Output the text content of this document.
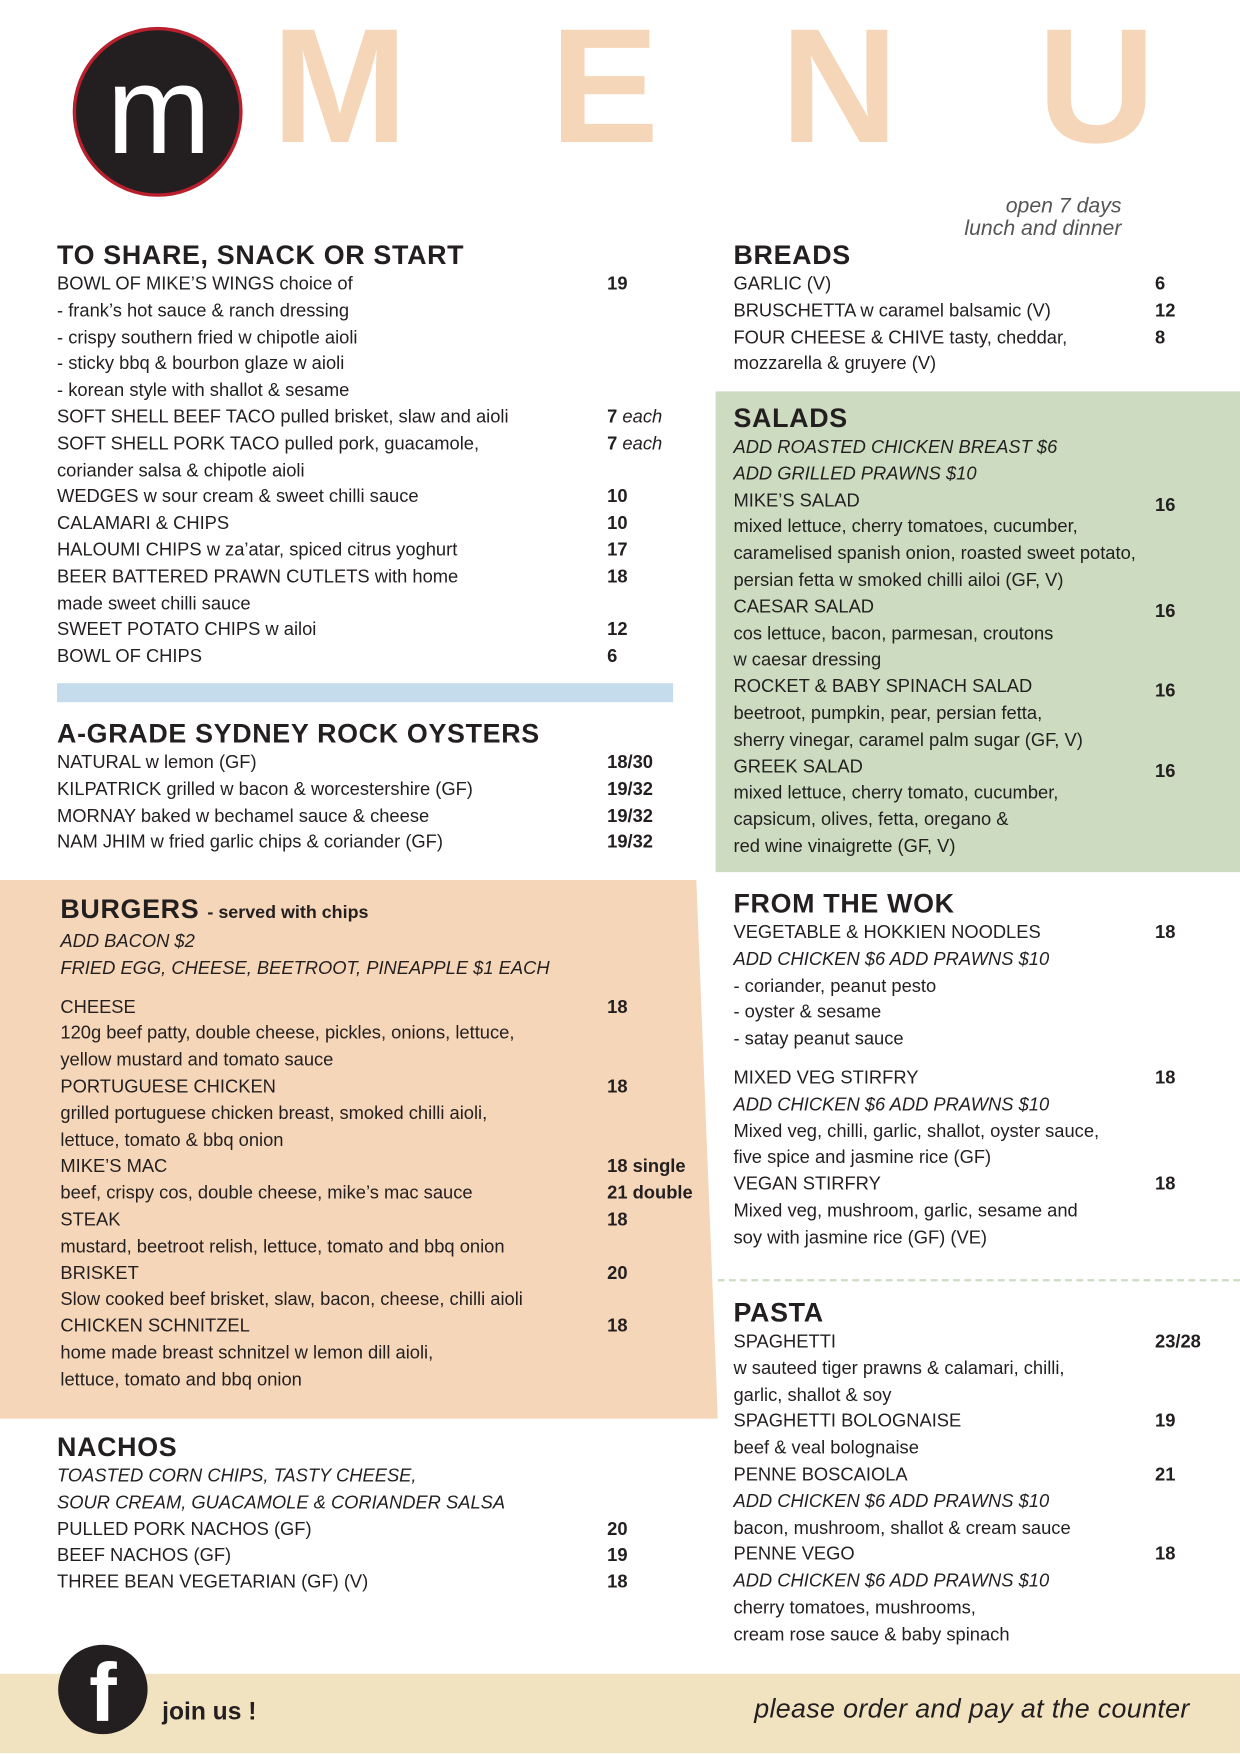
m M E N U
open 7 days
lunch and dinner
TO SHARE, SNACK OR START
BOWL OF MIKE’S WINGS choice of	19
- frank’s hot sauce & ranch dressing
- crispy southern fried w chipotle aioli
- sticky bbq & bourbon glaze w aioli
- korean style with shallot & sesame
SOFT SHELL BEEF TACO pulled brisket, slaw and aioli	7 each
SOFT SHELL PORK TACO pulled pork, guacamole,	7 each
coriander salsa & chipotle aioli
WEDGES w sour cream & sweet chilli sauce	10
CALAMARI & CHIPS	10
HALOUMI CHIPS w za’atar, spiced citrus yoghurt	17
BEER BATTERED PRAWN CUTLETS with home	18
made sweet chilli sauce
SWEET POTATO CHIPS w ailoi	12
BOWL OF CHIPS	6
A-GRADE SYDNEY ROCK OYSTERS
NATURAL w lemon (GF)	18/30
KILPATRICK grilled w bacon & worcestershire (GF)	19/32
MORNAY baked w bechamel sauce & cheese	19/32
NAM JHIM w fried garlic chips & coriander (GF)	19/32
BURGERS - served with chips
ADD BACON $2
FRIED EGG, CHEESE, BEETROOT, PINEAPPLE $1 EACH
CHEESE	18
120g beef patty, double cheese, pickles, onions, lettuce,
yellow mustard and tomato sauce
PORTUGUESE CHICKEN	18
grilled portuguese chicken breast, smoked chilli aioli,
lettuce, tomato & bbq onion
MIKE’S MAC	18 single
beef, crispy cos, double cheese, mike’s mac sauce	21 double
STEAK	18
mustard, beetroot relish, lettuce, tomato and bbq onion
BRISKET	20
Slow cooked beef brisket, slaw, bacon, cheese, chilli aioli
CHICKEN SCHNITZEL	18
home made breast schnitzel w lemon dill aioli,
lettuce, tomato and bbq onion
NACHOS
TOASTED CORN CHIPS, TASTY CHEESE,
SOUR CREAM, GUACAMOLE & CORIANDER SALSA
PULLED PORK NACHOS (GF)	20
BEEF NACHOS (GF)	19
THREE BEAN VEGETARIAN (GF) (V)	18
BREADS
GARLIC (V)	6
BRUSCHETTA w caramel balsamic (V)	12
FOUR CHEESE & CHIVE tasty, cheddar,	8
mozzarella & gruyere (V)
SALADS
ADD ROASTED CHICKEN BREAST $6
ADD GRILLED PRAWNS $10
MIKE’S SALAD	16
mixed lettuce, cherry tomatoes, cucumber,
caramelised spanish onion, roasted sweet potato,
persian fetta w smoked chilli ailoi (GF, V)
CAESAR SALAD	16
cos lettuce, bacon, parmesan, croutons
w caesar dressing
ROCKET & BABY SPINACH SALAD	16
beetroot, pumpkin, pear, persian fetta,
sherry vinegar, caramel palm sugar (GF, V)
GREEK SALAD	16
mixed lettuce, cherry tomato, cucumber,
capsicum, olives, fetta, oregano &
red wine vinaigrette (GF, V)
FROM THE WOK
VEGETABLE & HOKKIEN NOODLES	18
ADD CHICKEN $6 ADD PRAWNS $10
- coriander, peanut pesto
- oyster & sesame
- satay peanut sauce
MIXED VEG STIRFRY	18
ADD CHICKEN $6 ADD PRAWNS $10
Mixed veg, chilli, garlic, shallot, oyster sauce,
five spice and jasmine rice (GF)
VEGAN STIRFRY	18
Mixed veg, mushroom, garlic, sesame and
soy with jasmine rice (GF) (VE)
PASTA
SPAGHETTI	23/28
w sauteed tiger prawns & calamari, chilli,
garlic, shallot & soy
SPAGHETTI BOLOGNAISE	19
beef & veal bolognaise
PENNE BOSCAIOLA	21
ADD CHICKEN $6 ADD PRAWNS $10
bacon, mushroom, shallot & cream sauce
PENNE VEGO	18
ADD CHICKEN $6 ADD PRAWNS $10
cherry tomatoes, mushrooms,
cream rose sauce & baby spinach
f	join us !	please order and pay at the counter
